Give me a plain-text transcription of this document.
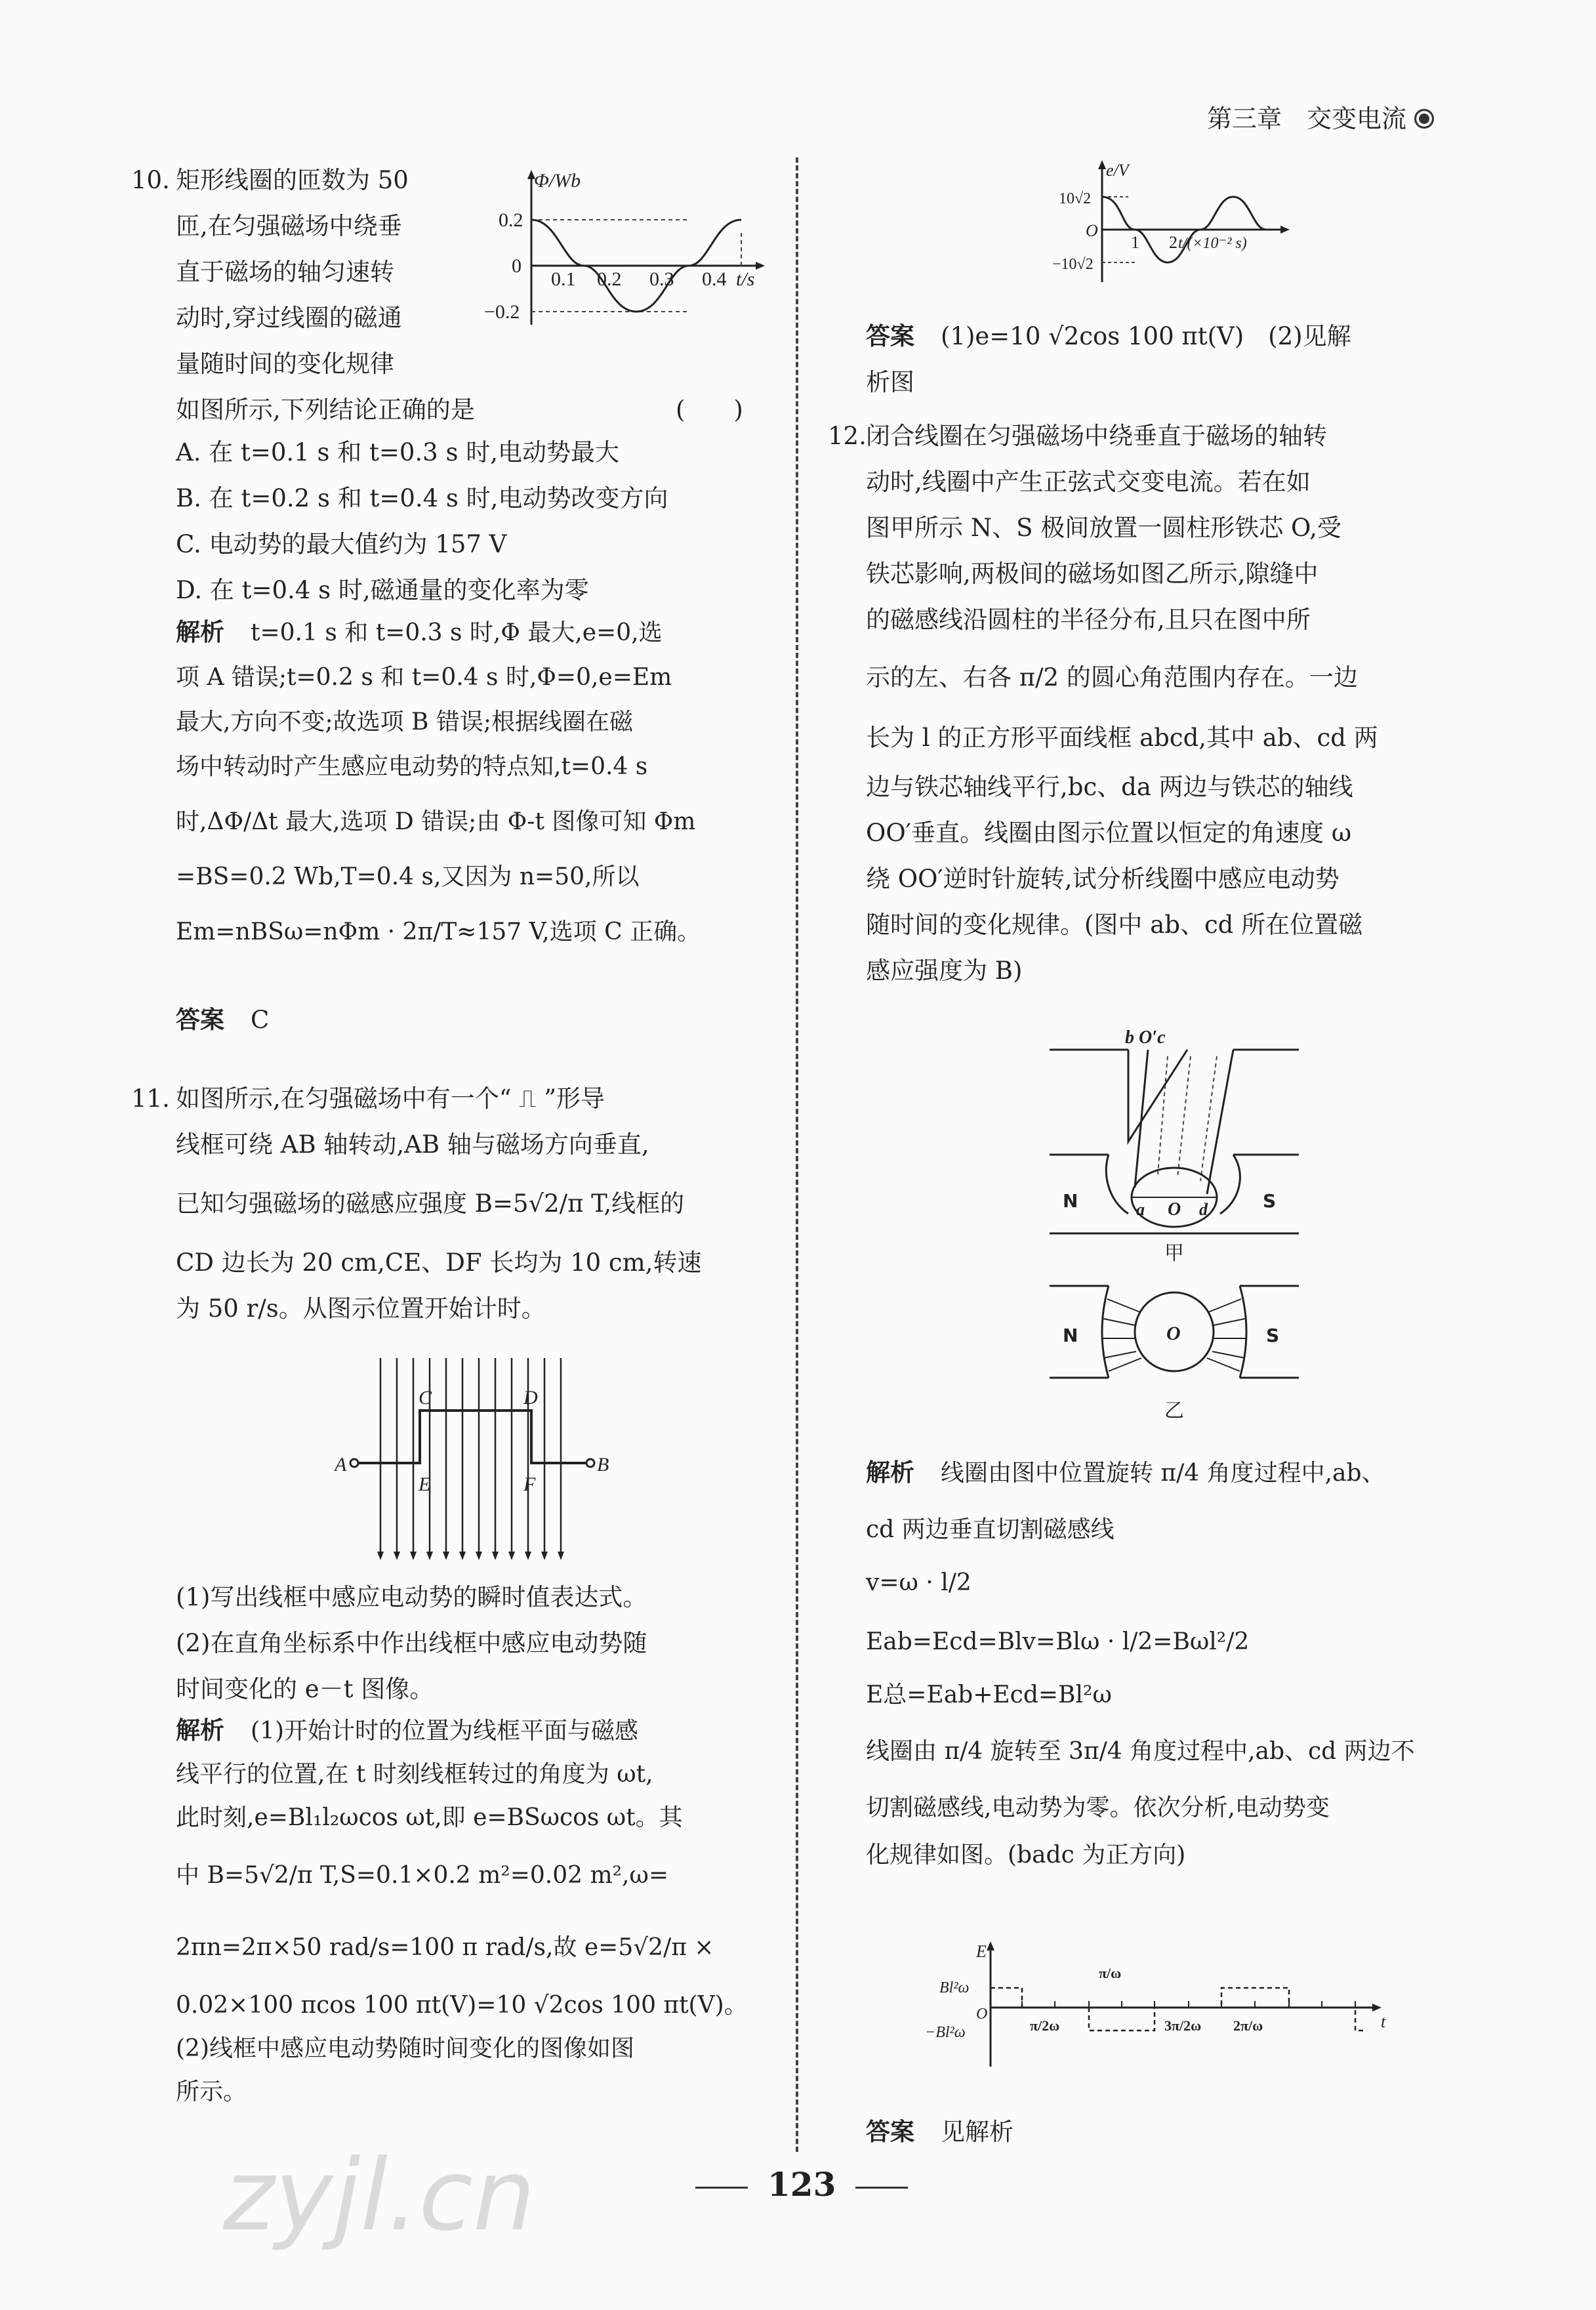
第三章　交变电流
10. 矩形线圈的匝数为 50
匝,在匀强磁场中绕垂
直于磁场的轴匀速转
动时,穿过线圈的磁通
量随时间的变化规律
如图所示,下列结论正确的是	(　　)
Φ/Wb
0.2
0
−0.2
0.1 0.2 0.3 0.4 t/s
A. 在 t=0.1 s 和 t=0.3 s 时,电动势最大
B. 在 t=0.2 s 和 t=0.4 s 时,电动势改变方向
C. 电动势的最大值约为 157 V
D. 在 t=0.4 s 时,磁通量的变化率为零
解析 t=0.1 s 和 t=0.3 s 时,Φ 最大,e=0,选
项 A 错误;t=0.2 s 和 t=0.4 s 时,Φ=0,e=Em
最大,方向不变;故选项 B 错误;根据线圈在磁
场中转动时产生感应电动势的特点知,t=0.4 s
时,ΔΦ/Δt 最大,选项 D 错误;由 Φ-t 图像可知 Φm
=BS=0.2 Wb,T=0.4 s,又因为 n=50,所以
Em=nBSω=nΦm · 2π/T≈157 V,选项 C 正确。
答案 C
11. 如图所示,在匀强磁场中有一个“ ⎍ ”形导
线框可绕 AB 轴转动,AB 轴与磁场方向垂直,
已知匀强磁场的磁感应强度 B=5√2/π T,线框的
CD 边长为 20 cm,CE、DF 长均为 10 cm,转速
为 50 r/s。从图示位置开始计时。
A	B
C	D
E	F
(1)写出线框中感应电动势的瞬时值表达式。
(2)在直角坐标系中作出线框中感应电动势随
时间变化的 e－t 图像。
解析 (1)开始计时的位置为线框平面与磁感
线平行的位置,在 t 时刻线框转过的角度为 ωt,
此时刻,e=Bl₁l₂ωcos ωt,即 e=BSωcos ωt。其
中 B=5√2/π T,S=0.1×0.2 m²=0.02 m²,ω=
2πn=2π×50 rad/s=100 π rad/s,故 e=5√2/π ×
0.02×100 πcos 100 πt(V)=10 √2cos 100 πt(V)。
(2)线框中感应电动势随时间变化的图像如图
所示。
e/V
10√2
O
−10√2
1 2 t/(×10⁻² s)
答案 (1)e=10 √2cos 100 πt(V)　(2)见解
析图
12. 闭合线圈在匀强磁场中绕垂直于磁场的轴转
动时,线圈中产生正弦式交变电流。若在如
图甲所示 N、S 极间放置一圆柱形铁芯 O,受
铁芯影响,两极间的磁场如图乙所示,隙缝中
的磁感线沿圆柱的半径分布,且只在图中所
示的左、右各 π/2 的圆心角范围内存在。一边
长为 l 的正方形平面线框 abcd,其中 ab、cd 两
边与铁芯轴线平行,bc、da 两边与铁芯的轴线
OO′垂直。线圈由图示位置以恒定的角速度 ω
绕 OO′逆时针旋转,试分析线圈中感应电动势
随时间的变化规律。(图中 ab、cd 所在位置磁
感应强度为 B)
b O′c
N	S
a O d
甲
N	S
O
乙
解析 线圈由图中位置旋转 π/4 角度过程中,ab、
cd 两边垂直切割磁感线
v=ω · l/2
Eab=Ecd=Blv=Blω · l/2=Bωl²/2
E总=Eab+Ecd=Bl²ω
线圈由 π/4 旋转至 3π/4 角度过程中,ab、cd 两边不
切割磁感线,电动势为零。依次分析,电动势变
化规律如图。(badc 为正方向)
E
Bl²ω
−Bl²ω
O	t
π/2ω
π/ω
3π/2ω 2π/ω
答案 见解析
123
zyjl.cn
